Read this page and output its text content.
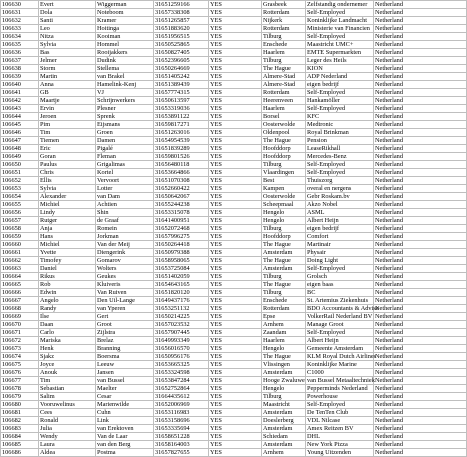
106630	Evert	Wiggerman	31651259166	YES	Grasbeek	Zelfstandig ondernemer	Netherland
106631	Dola	Noteboom	31657338308	YES	Rotterdam	Self-Employed	Netherland
106632	Santi	Kramer	31651265857	YES	Nijkerk	Koninklijke Landmacht	Netherland
106633	Leo	Hoitinga	31651883620	YES	Rotterdam	Ministerie van Financien	Netherland
106634	Nitza	Kooiman	31651956515	YES	Tilburg	Self-Employed	Netherland
106635	Sylvia	Hommel	31650525865	YES	Enschede	Maastricht UMC+	Netherland
106636	Bas	Rooijakkers	31650827405	YES	Haarlem	EMTE Supermarkten	Netherland
106637	Jelmer	Dudink	31652396605	YES	Tilburg	Leger des Heils	Netherland
106638	Storm	Stellema	31650264669	YES	The Hague	KION	Netherland
106639	Martin	van Brakel	31651405242	YES	Almere-Stad	ADP Nederland	Netherland
106640	Anna	Hamelink-Kenj	31651389439	YES	Almere-Stad	eigen bedrijf	Netherland
106641	GB	VJ	31657774315	YES	Rotterdam	Self-Employed	Netherland
106642	Maartje	Schrijnwerkers	31650613597	YES	Heerenveen	Hankamöller	Netherland
106643	Ervin	Plesner	31653319036	YES	Haarlem	Self-Employed	Netherland
106644	Jeroen	Sprenk	31653891122	YES	Borsel	KFC	Netherland
106645	Pim	Eijsmans	31659817271	YES	Oosterwolde	Medtronic	Netherland
106646	Tim	Groen	31651263016	YES	Oldenpool	Royal Brinkman	Netherland
106647	Tiemen	Damen	31654954539	YES	The Hague	Pension	Netherland
106648	Eric	Pigalé	31651839289	YES	Hoofddorp	LeaseRikhall	Netherland
106649	Goran	Fleman	31659801526	YES	Hoofddorp	Mercedes-Benz	Netherland
106650	Paulus	Grigalimas	31656480118	YES	Tilburg	Self-Employed	Netherland
106651	Chris	Kortel	31653664866	YES	Vlaardingen	Self-Employed	Netherland
106652	Ellis	Vervoort	31651070308	YES	Best	Thuiszorg	Netherland
106653	Sylvia	Lotter	31652660422	YES	Kampen	overal en nergens	Netherland
106654	Alexander	van Dam	31650642067	YES	Oosterwolde	Gebr Roskam.bv	Netherland
106655	Michiel	Achtien	31655244238	YES	Scheepmaal	Akzo Nobel	Netherland
106656	Lindy	Shin	31653315078	YES	Hengelo	ASML	Netherland
106657	Rutger	de Graaf	31641400951	YES	Hengelo	Albert Heijn	Netherland
106658	Anja	Romein	31652072468	YES	Tilburg	eigen bedrijf	Netherland
106659	Hans	Jorkman	31657996275	YES	Hoofddorp	Comfort	Netherland
106660	Michiel	Van der Meij	31650264418	YES	The Hague	Martinair	Netherland
106661	Yvette	Diengerink	31650979388	YES	Amsterdam	Physair	Netherland
106662	Timofey	Gomarov	31658958065	YES	The Hague	Doing Light	Netherland
106663	Daniel	Wolters	31653725084	YES	Amsterdam	Self-Employed	Netherland
106664	Rikus	Geukes	31651402059	YES	Tilburg	Grolsch	Netherland
106665	Rob	Kluiveris	31654643165	YES	The Hague	eigen baas	Netherland
106666	Edwin	Van Ruiven	31651820120	YES	Tilburg	BC	Netherland
106667	Angelo	Den Uil-Lange	31649437176	YES	Enschede	St. Artemius Ziekenhuis	Netherland
106668	Randy	van Yperen	31653251132	YES	Rotterdam	BDO Accountants & Advise	Netherland
106669	Ilse	Gert	31650214225	YES	Epse	VolkerRail Nederland BV	Netherland
106670	Daan	Groot	31657023532	YES	Arnhem	Manage Groot	Netherland
106671	Carlo	Zijlstra	31657907445	YES	Zaandam	Self-Employed	Netherland
106672	Mariska	Brelaz	31649993349	YES	Haarlem	Albert Heijn	Netherland
106673	Henk	Branning	31656016570	YES	Hengelo	Gemeente Amsterdam	Netherland
106674	Sjakz	Boersma	31650956176	YES	The Hague	KLM Royal Dutch Airlines	Netherland
106675	Joyce	Leeuw	31653665325	YES	Vlissingen	Koninklijke Marine	Netherland
106676	Anouk	Jansen	31653324598	YES	Amsterdam	C1000	Netherland
106677	Tim	van Bussel	31653847284	YES	Hooge Zwaluwe	van Bussel Metaaltechniek	Netherland
106678	Sebastian	Maelter	31652752864	YES	Hengelo	Pepperminds Nederland	Netherland
106679	Salim	Cesar	31664435612	YES	Tilburg	Powerhouse	Netherland
106680	Vooruwelinus	Marienwilde	31652006969	YES	Maastricht	Self-Employed	Netherland
106681	Cees	Cuhn	31653116983	YES	Amsterdam	De TenTen Club	Netherland
106682	Ronald	Link	31653158696	YES	Doeslerberg	VDL Nilcase	Netherland
106683	Julia	van Erektoven	31653335694	YES	Amsterdam	Amex Reitzen BV	Netherland
106684	Wendy	Van de Laar	31658651228	YES	Schiedam	DHL	Netherland
106685	Laura	van den Berg	31658164003	YES	Amsterdam	New York Pizza	Netherland
106686	Aldea	Postma	31657827655	YES	Arnhem	Young Uitzenden	Netherland
